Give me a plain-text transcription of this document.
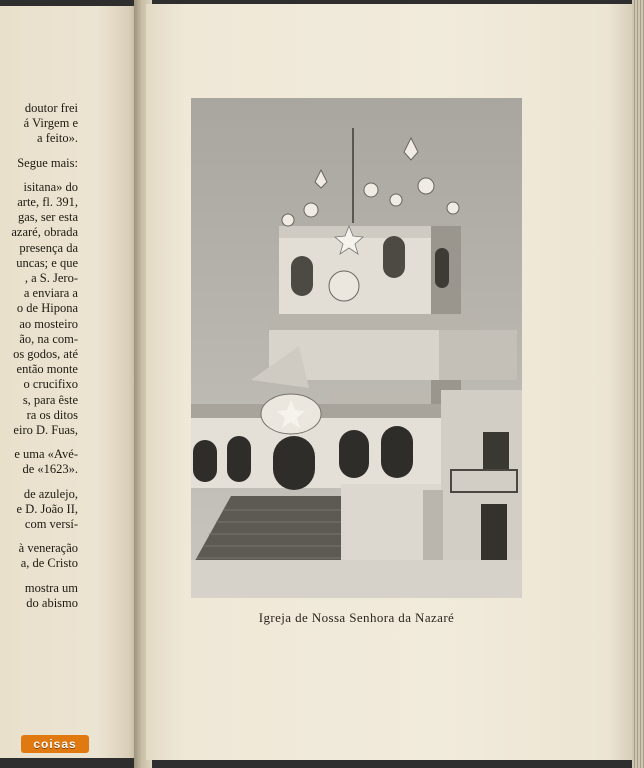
doutor frei
á Virgem e
a feito».
Segue mais:
isitana» do
arte, fl. 391,
gas, ser esta
azaré, obrada
presença da
uncas; e que
, a S. Jero-
a enviara a
o de Hipona
ao mosteiro
ão, na com-
os godos, até
então monte
o crucifixo
s, para êste
ra os ditos
eiro D. Fuas,
e uma «Avé-
de «1623».
de azulejo,
e D. João II,
com versí-
à veneração
a, de Cristo
mostra um
do abismo
Igreja de Nossa Senhora da Nazaré
coisas
